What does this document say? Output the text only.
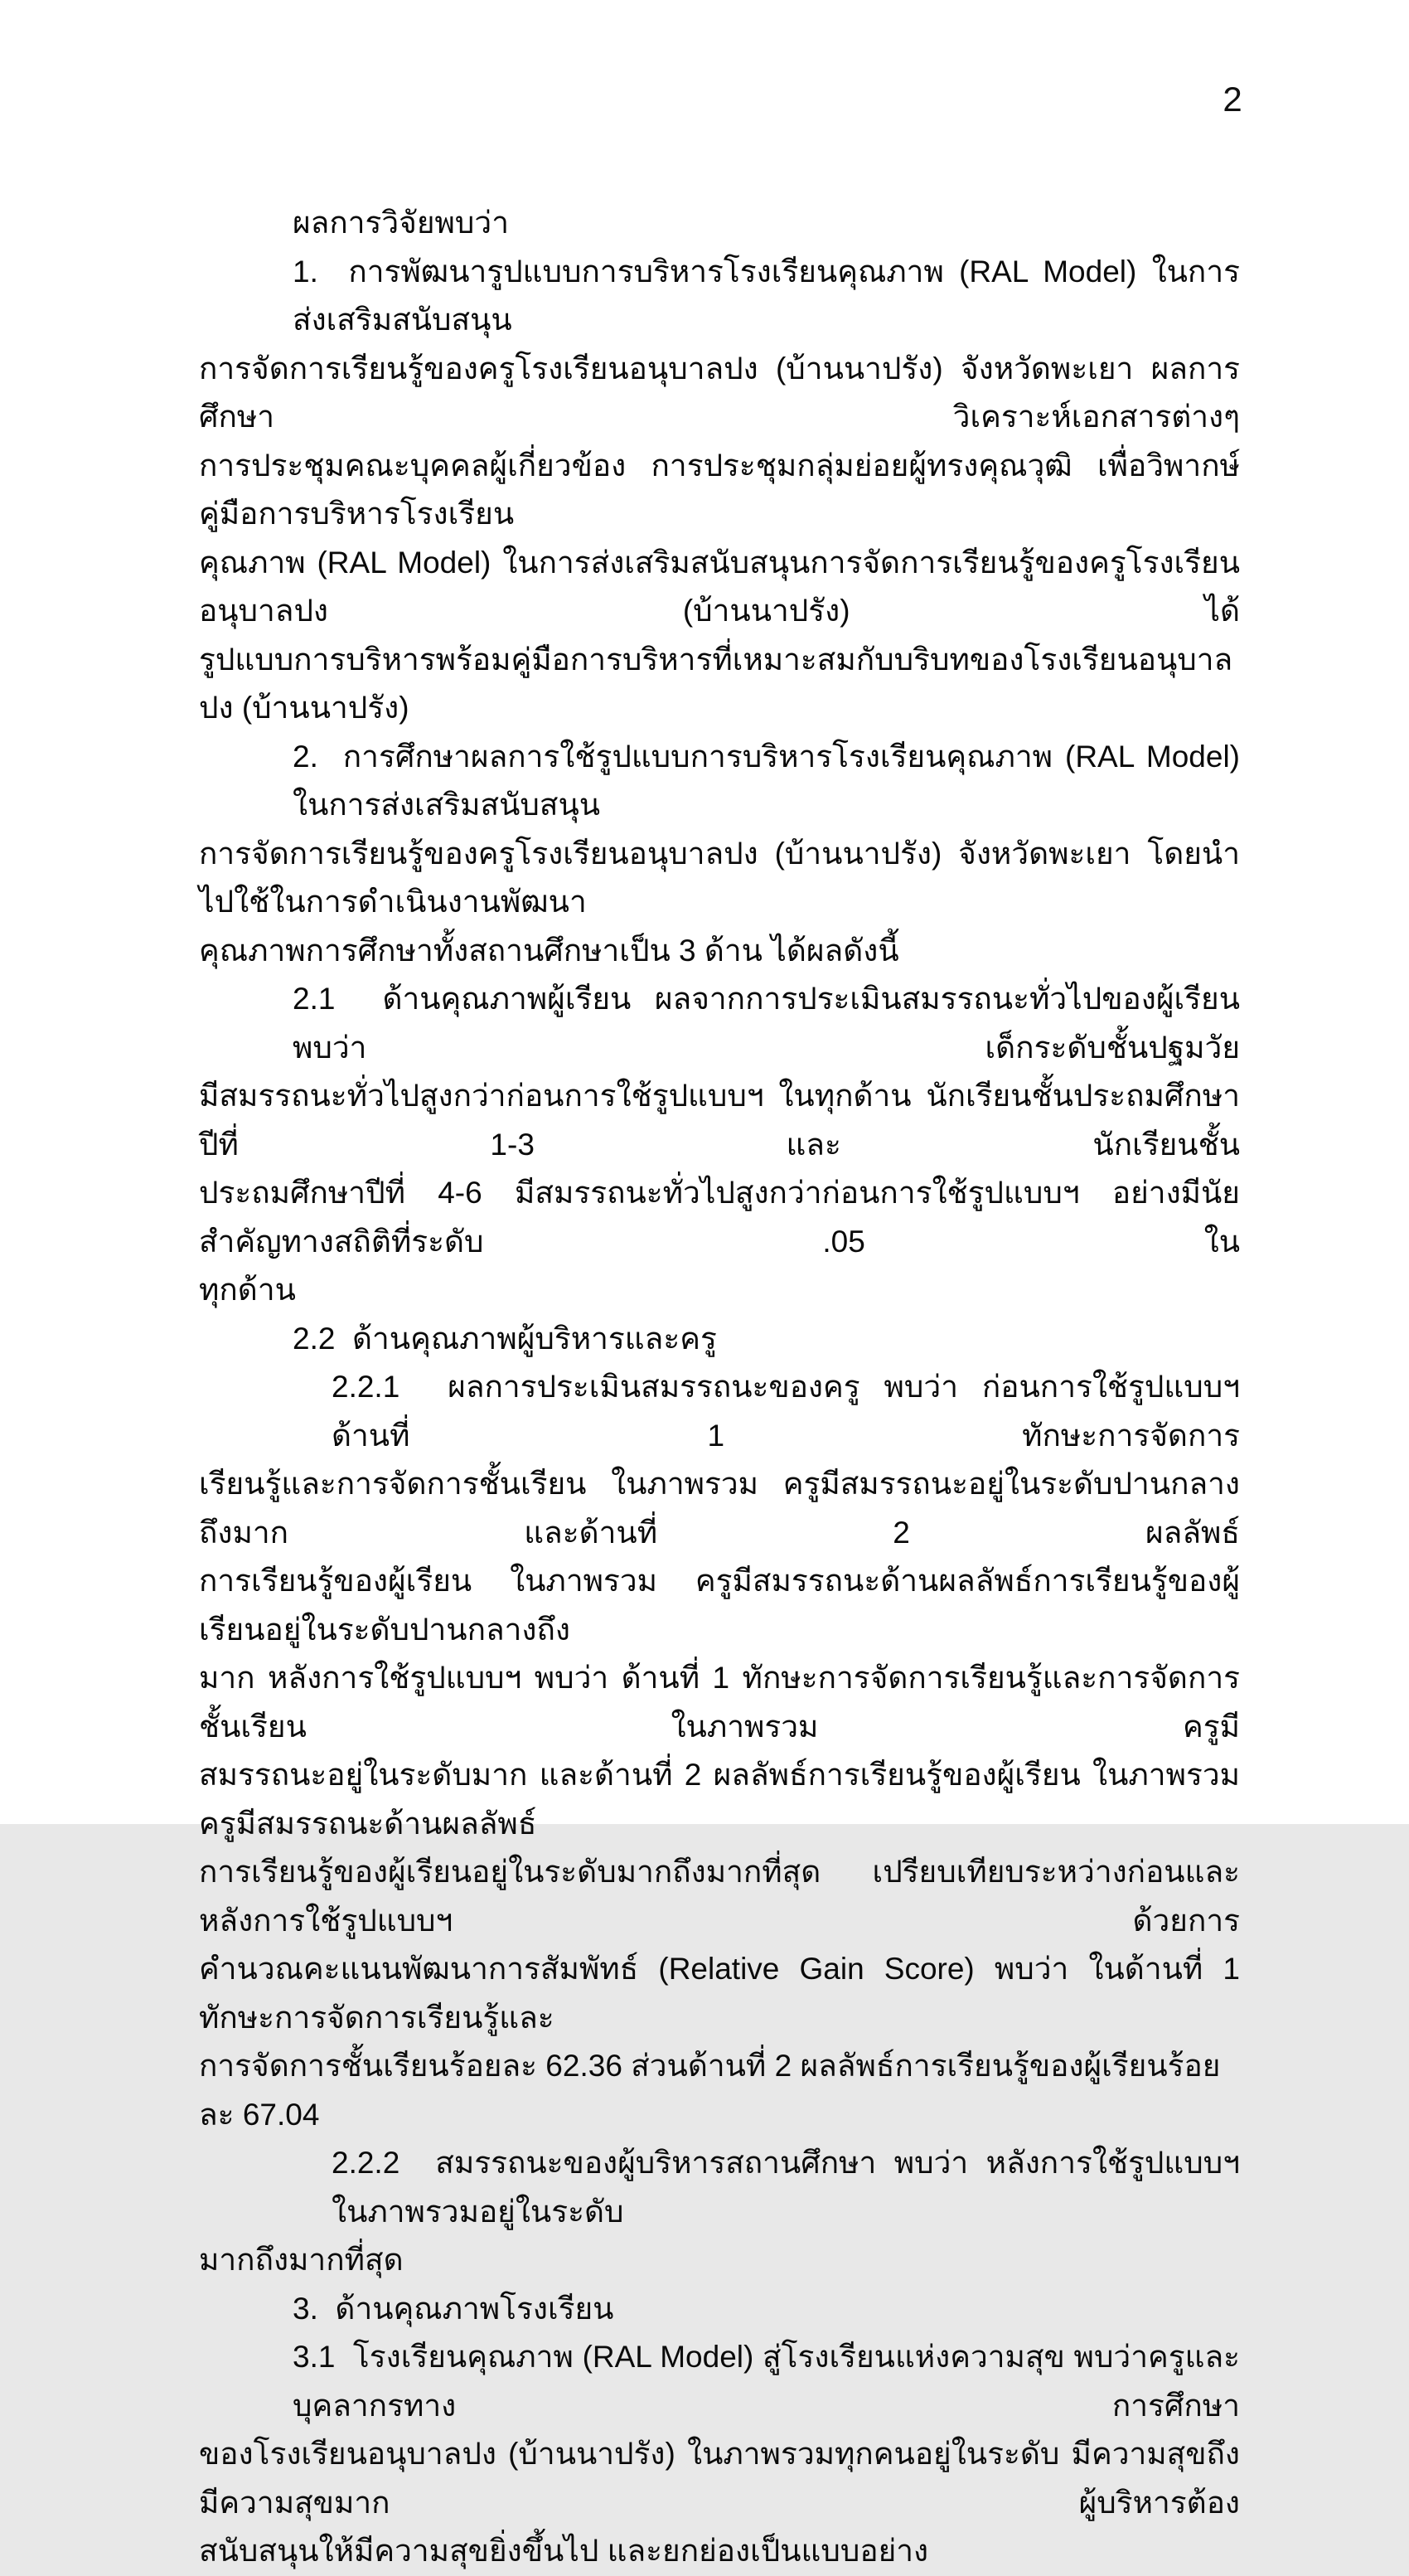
2
ผลการวิจัยพบว่า
1.  การพัฒนารูปแบบการบริหารโรงเรียนคุณภาพ (RAL Model) ในการส่งเสริมสนับสนุน
การจัดการเรียนรู้ของครูโรงเรียนอนุบาลปง (บ้านนาปรัง) จังหวัดพะเยา ผลการศึกษา วิเคราะห์เอกสารต่างๆ
การประชุมคณะบุคคลผู้เกี่ยวข้อง การประชุมกลุ่มย่อยผู้ทรงคุณวุฒิ เพื่อวิพากษ์ คู่มือการบริหารโรงเรียน
คุณภาพ (RAL Model) ในการส่งเสริมสนับสนุนการจัดการเรียนรู้ของครูโรงเรียนอนุบาลปง (บ้านนาปรัง) ได้
รูปแบบการบริหารพร้อมคู่มือการบริหารที่เหมาะสมกับบริบทของโรงเรียนอนุบาลปง (บ้านนาปรัง)
2.  การศึกษาผลการใช้รูปแบบการบริหารโรงเรียนคุณภาพ (RAL Model) ในการส่งเสริมสนับสนุน
การจัดการเรียนรู้ของครูโรงเรียนอนุบาลปง (บ้านนาปรัง) จังหวัดพะเยา โดยนำไปใช้ในการดำเนินงานพัฒนา
คุณภาพการศึกษาทั้งสถานศึกษาเป็น 3 ด้าน ได้ผลดังนี้
2.1  ด้านคุณภาพผู้เรียน ผลจากการประเมินสมรรถนะทั่วไปของผู้เรียน พบว่า เด็กระดับชั้นปฐมวัย
มีสมรรถนะทั่วไปสูงกว่าก่อนการใช้รูปแบบฯ ในทุกด้าน นักเรียนชั้นประถมศึกษาปีที่ 1-3 และ นักเรียนชั้น
ประถมศึกษาปีที่ 4-6 มีสมรรถนะทั่วไปสูงกว่าก่อนการใช้รูปแบบฯ อย่างมีนัยสำคัญทางสถิติที่ระดับ .05 ใน
ทุกด้าน
2.2  ด้านคุณภาพผู้บริหารและครู
2.2.1  ผลการประเมินสมรรถนะของครู พบว่า ก่อนการใช้รูปแบบฯ ด้านที่ 1 ทักษะการจัดการ
เรียนรู้และการจัดการชั้นเรียน ในภาพรวม ครูมีสมรรถนะอยู่ในระดับปานกลางถึงมาก และด้านที่ 2 ผลลัพธ์
การเรียนรู้ของผู้เรียน ในภาพรวม ครูมีสมรรถนะด้านผลลัพธ์การเรียนรู้ของผู้เรียนอยู่ในระดับปานกลางถึง
มาก หลังการใช้รูปแบบฯ พบว่า ด้านที่ 1 ทักษะการจัดการเรียนรู้และการจัดการชั้นเรียน ในภาพรวม ครูมี
สมรรถนะอยู่ในระดับมาก และด้านที่ 2 ผลลัพธ์การเรียนรู้ของผู้เรียน ในภาพรวม ครูมีสมรรถนะด้านผลลัพธ์
การเรียนรู้ของผู้เรียนอยู่ในระดับมากถึงมากที่สุด เปรียบเทียบระหว่างก่อนและหลังการใช้รูปแบบฯ ด้วยการ
คำนวณคะแนนพัฒนาการสัมพัทธ์ (Relative Gain Score) พบว่า ในด้านที่ 1 ทักษะการจัดการเรียนรู้และ
การจัดการชั้นเรียนร้อยละ 62.36 ส่วนด้านที่ 2 ผลลัพธ์การเรียนรู้ของผู้เรียนร้อยละ 67.04
2.2.2  สมรรถนะของผู้บริหารสถานศึกษา พบว่า หลังการใช้รูปแบบฯ ในภาพรวมอยู่ในระดับ
มากถึงมากที่สุด
3.  ด้านคุณภาพโรงเรียน
3.1  โรงเรียนคุณภาพ (RAL Model) สู่โรงเรียนแห่งความสุข พบว่าครูและบุคลากรทาง  การศึกษา
ของโรงเรียนอนุบาลปง (บ้านนาปรัง) ในภาพรวมทุกคนอยู่ในระดับ มีความสุขถึงมีความสุขมาก ผู้บริหารต้อง
สนับสนุนให้มีความสุขยิ่งขึ้นไป และยกย่องเป็นแบบอย่าง
